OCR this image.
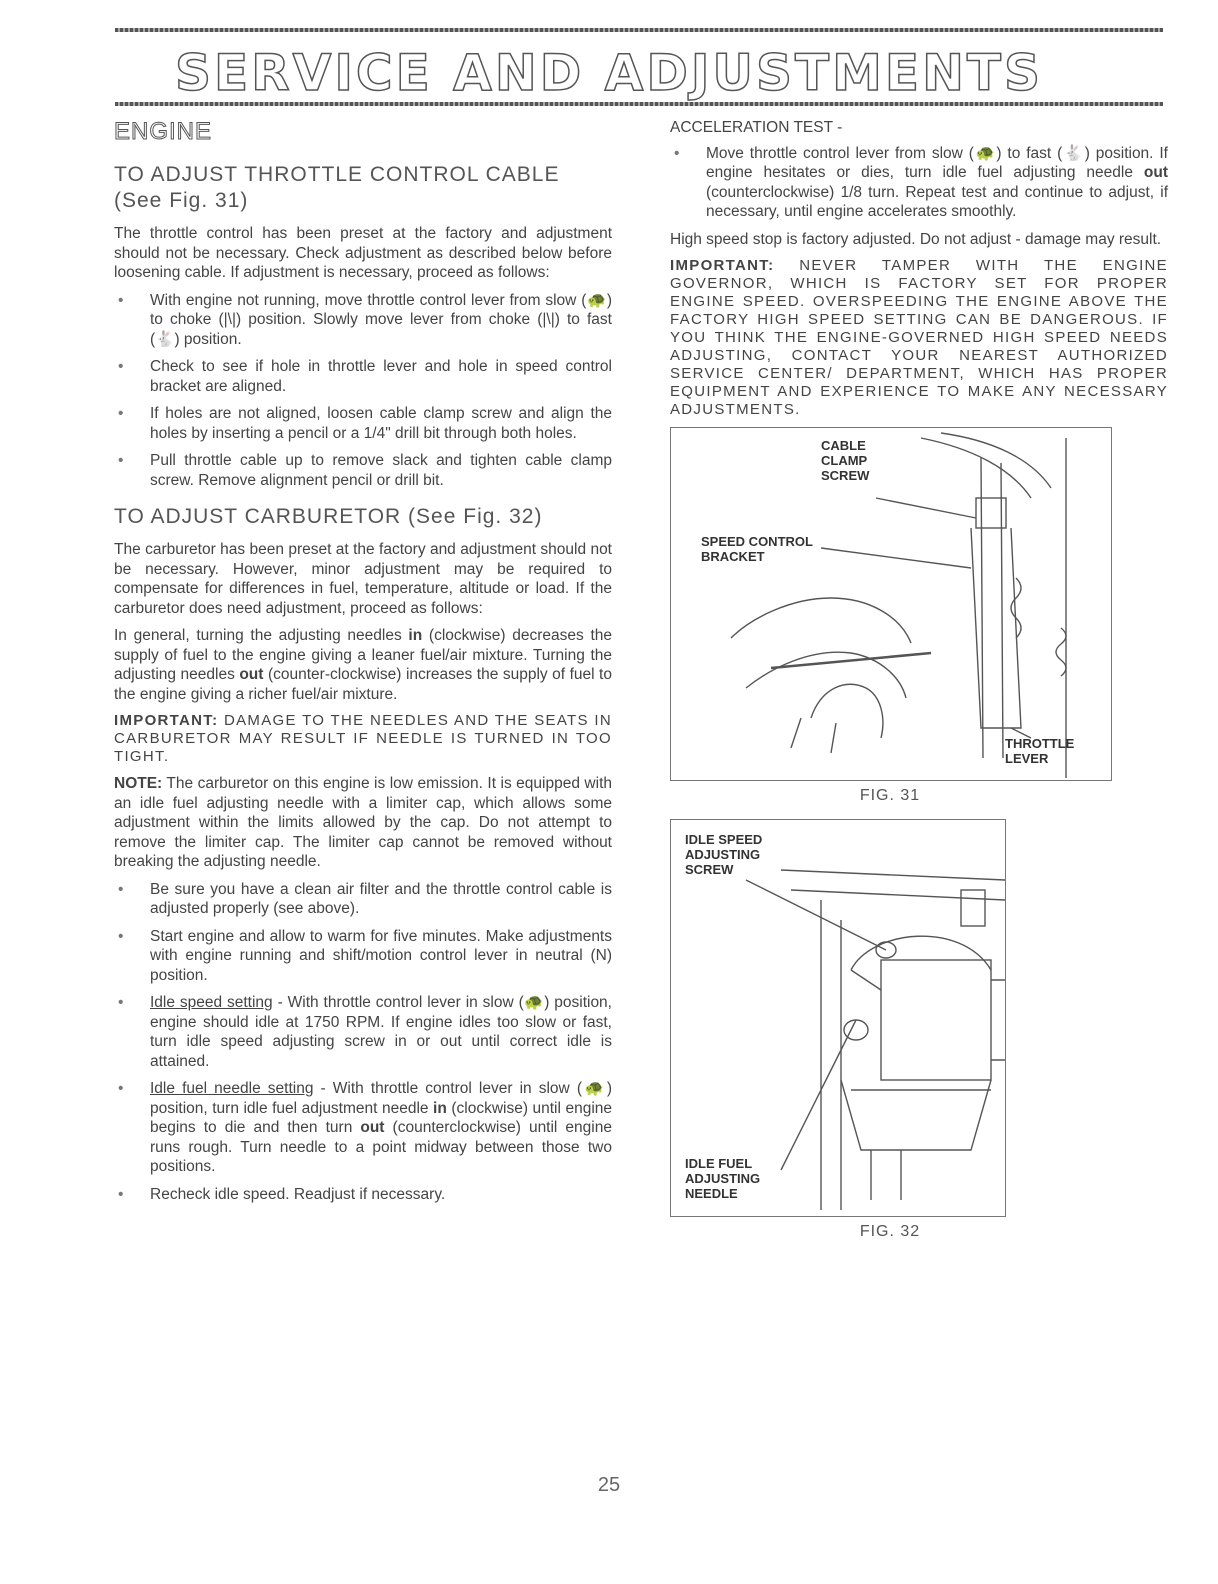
SERVICE AND ADJUSTMENTS
ENGINE
TO ADJUST THROTTLE CONTROL CABLE
(See Fig. 31)

The throttle control has been preset at the factory and adjustment should not be necessary. Check adjustment as described below before loosening cable. If adjustment is necessary, proceed as follows:

• With engine not running, move throttle control lever from slow (🐢) to choke (|\|) position. Slowly move lever from choke (|\|) to fast (🐇) position.
• Check to see if hole in throttle lever and hole in speed control bracket are aligned.
• If holes are not aligned, loosen cable clamp screw and align the holes by inserting a pencil or a 1/4" drill bit through both holes.
• Pull throttle cable up to remove slack and tighten cable clamp screw. Remove alignment pencil or drill bit.
TO ADJUST CARBURETOR (See Fig. 32)

The carburetor has been preset at the factory and adjustment should not be necessary. However, minor adjustment may be required to compensate for differences in fuel, temperature, altitude or load. If the carburetor does need adjustment, proceed as follows:

In general, turning the adjusting needles in (clockwise) decreases the supply of fuel to the engine giving a leaner fuel/air mixture. Turning the adjusting needles out (counter-clockwise) increases the supply of fuel to the engine giving a richer fuel/air mixture.

IMPORTANT: DAMAGE TO THE NEEDLES AND THE SEATS IN CARBURETOR MAY RESULT IF NEEDLE IS TURNED IN TOO TIGHT.

NOTE: The carburetor on this engine is low emission. It is equipped with an idle fuel adjusting needle with a limiter cap, which allows some adjustment within the limits allowed by the cap. Do not attempt to remove the limiter cap. The limiter cap cannot be removed without breaking the adjusting needle.

• Be sure you have a clean air filter and the throttle control cable is adjusted properly (see above).
• Start engine and allow to warm for five minutes. Make adjustments with engine running and shift/motion control lever in neutral (N) position.
• Idle speed setting - With throttle control lever in slow (🐢) position, engine should idle at 1750 RPM. If engine idles too slow or fast, turn idle speed adjusting screw in or out until correct idle is attained.
• Idle fuel needle setting - With throttle control lever in slow (🐢) position, turn idle fuel adjustment needle in (clockwise) until engine begins to die and then turn out (counterclockwise) until engine runs rough. Turn needle to a point midway between those two positions.
• Recheck idle speed. Readjust if necessary.

ACCELERATION TEST -

• Move throttle control lever from slow (🐢) to fast (🐇) position. If engine hesitates or dies, turn idle fuel adjusting needle out (counterclockwise) 1/8 turn. Repeat test and continue to adjust, if necessary, until engine accelerates smoothly.

High speed stop is factory adjusted. Do not adjust - damage may result.

IMPORTANT: NEVER TAMPER WITH THE ENGINE GOVERNOR, WHICH IS FACTORY SET FOR PROPER ENGINE SPEED. OVERSPEEDING THE ENGINE ABOVE THE FACTORY HIGH SPEED SETTING CAN BE DANGEROUS. IF YOU THINK THE ENGINE-GOVERNED HIGH SPEED NEEDS ADJUSTING, CONTACT YOUR NEAREST AUTHORIZED SERVICE CENTER/ DEPARTMENT, WHICH HAS PROPER EQUIPMENT AND EXPERIENCE TO MAKE ANY NECESSARY ADJUSTMENTS.

CABLE
CLAMP
SCREW
SPEED CONTROL
BRACKET
THROTTLE
LEVER
FIG. 31
IDLE SPEED
ADJUSTING
SCREW
IDLE FUEL
ADJUSTING
NEEDLE
FIG. 32

25
